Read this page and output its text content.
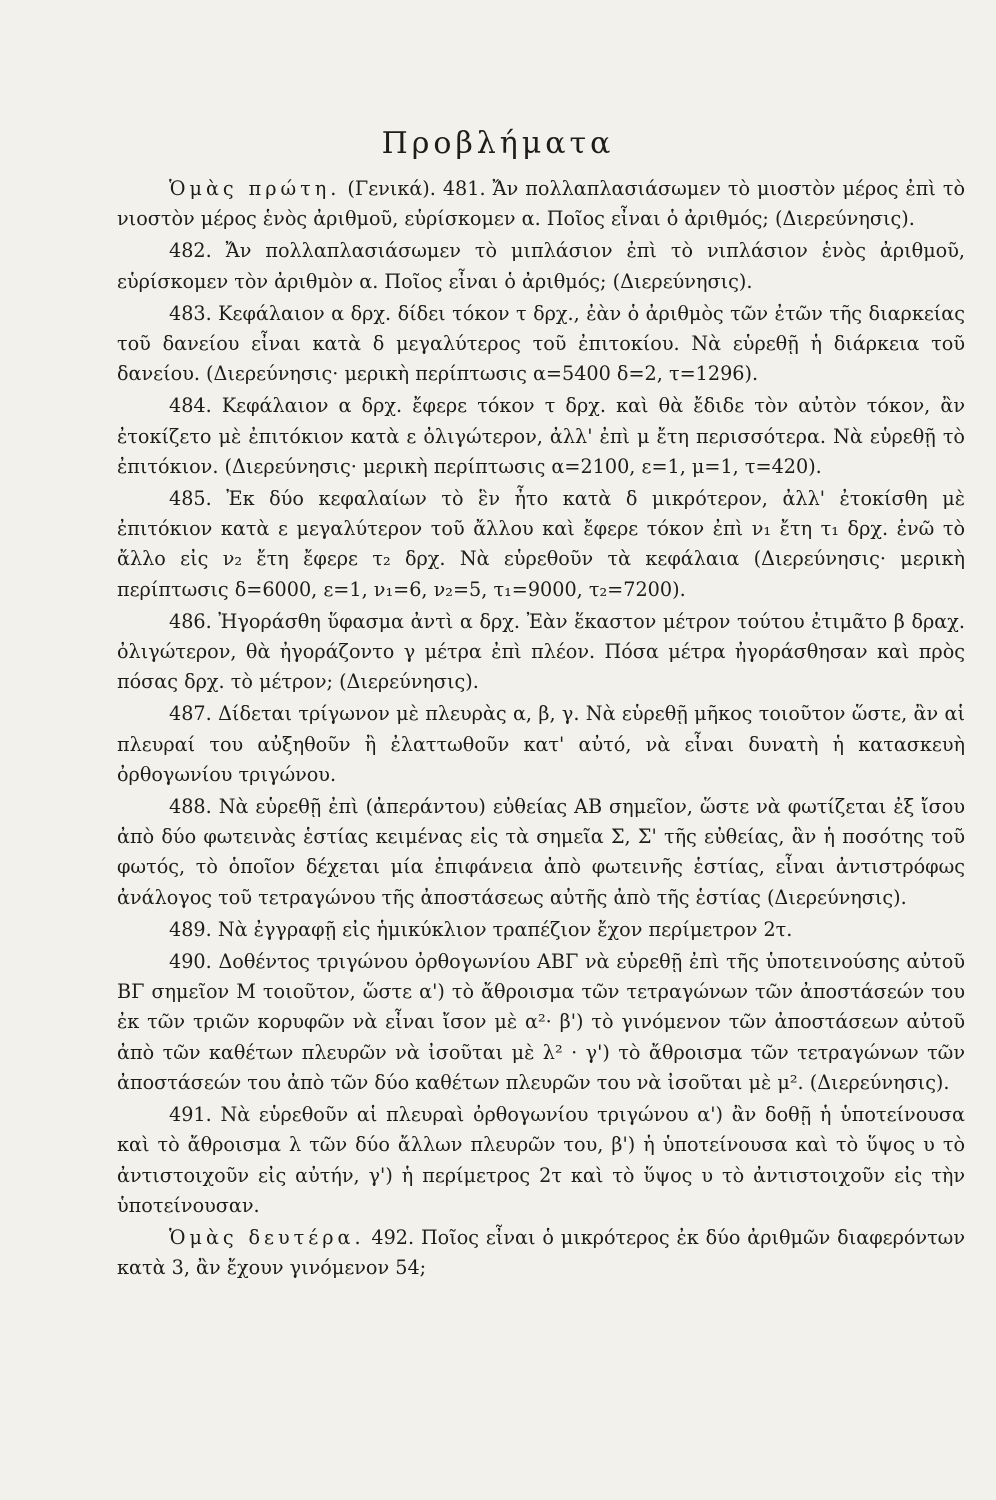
Προβλήματα
Ὁμὰς πρώτη. (Γενικά). 481. Ἄν πολλαπλασιάσωμεν τὸ μιοστὸν μέρος ἐπὶ τὸ νιοστὸν μέρος ἑνὸς ἀριθμοῦ, εὑρίσκομεν α. Ποῖος εἶναι ὁ ἀριθμός; (Διερεύνησις).
482. Ἄν πολλαπλασιάσωμεν τὸ μιπλάσιον ἐπὶ τὸ νιπλάσιον ἑνὸς ἀριθμοῦ, εὑρίσκομεν τὸν ἀριθμὸν α. Ποῖος εἶναι ὁ ἀριθμός; (Διερεύνησις).
483. Κεφάλαιον α δρχ. δίδει τόκον τ δρχ., ἐὰν ὁ ἀριθμὸς τῶν ἐτῶν τῆς διαρκείας τοῦ δανείου εἶναι κατὰ δ μεγαλύτερος τοῦ ἐπιτοκίου. Νὰ εὑρεθῇ ἡ διάρκεια τοῦ δανείου. (Διερεύνησις· μερικὴ περίπτωσις α=5400 δ=2, τ=1296).
484. Κεφάλαιον α δρχ. ἔφερε τόκον τ δρχ. καὶ θὰ ἔδιδε τὸν αὐτὸν τόκον, ἂν ἐτοκίζετο μὲ ἐπιτόκιον κατὰ ε ὀλιγώτερον, ἀλλ' ἐπὶ μ ἔτη περισσότερα. Νὰ εὑρεθῇ τὸ ἐπιτόκιον. (Διερεύνησις· μερικὴ περίπτωσις α=2100, ε=1, μ=1, τ=420).
485. Ἐκ δύο κεφαλαίων τὸ ἓν ἦτο κατὰ δ μικρότερον, ἀλλ' ἐτοκίσθη μὲ ἐπιτόκιον κατὰ ε μεγαλύτερον τοῦ ἄλλου καὶ ἔφερε τόκον ἐπὶ ν₁ ἔτη τ₁ δρχ. ἐνῶ τὸ ἄλλο εἰς ν₂ ἔτη ἔφερε τ₂ δρχ. Νὰ εὑρεθοῦν τὰ κεφάλαια (Διερεύνησις· μερικὴ περίπτωσις δ=6000, ε=1, ν₁=6, ν₂=5, τ₁=9000, τ₂=7200).
486. Ἠγοράσθη ὕφασμα ἀντὶ α δρχ. Ἐὰν ἕκαστον μέτρον τούτου ἐτιμᾶτο β δραχ. ὀλιγώτερον, θὰ ἠγοράζοντο γ μέτρα ἐπὶ πλέον. Πόσα μέτρα ἠγοράσθησαν καὶ πρὸς πόσας δρχ. τὸ μέτρον; (Διερεύνησις).
487. Δίδεται τρίγωνον μὲ πλευρὰς α, β, γ. Νὰ εὑρεθῇ μῆκος τοιοῦτον ὥστε, ἂν αἱ πλευραί του αὐξηθοῦν ἢ ἐλαττωθοῦν κατ' αὐτό, νὰ εἶναι δυνατὴ ἡ κατασκευὴ ὀρθογωνίου τριγώνου.
488. Νὰ εὑρεθῇ ἐπὶ (ἀπεράντου) εὐθείας ΑΒ σημεῖον, ὥστε νὰ φωτίζεται ἐξ ἴσου ἀπὸ δύο φωτεινὰς ἑστίας κειμένας εἰς τὰ σημεῖα Σ, Σ' τῆς εὐθείας, ἂν ἡ ποσότης τοῦ φωτός, τὸ ὁποῖον δέχεται μία ἐπιφάνεια ἀπὸ φωτεινῆς ἑστίας, εἶναι ἀντιστρόφως ἀνάλογος τοῦ τετραγώνου τῆς ἀποστάσεως αὐτῆς ἀπὸ τῆς ἑστίας (Διερεύνησις).
489. Νὰ ἐγγραφῇ εἰς ἡμικύκλιον τραπέζιον ἔχον περίμετρον 2τ.
490. Δοθέντος τριγώνου ὀρθογωνίου ΑΒΓ νὰ εὑρεθῇ ἐπὶ τῆς ὑποτεινούσης αὐτοῦ ΒΓ σημεῖον Μ τοιοῦτον, ὥστε α') τὸ ἄθροισμα τῶν τετραγώνων τῶν ἀποστάσεών του ἐκ τῶν τριῶν κορυφῶν νὰ εἶναι ἴσον μὲ α²· β') τὸ γινόμενον τῶν ἀποστάσεων αὐτοῦ ἀπὸ τῶν καθέτων πλευρῶν νὰ ἰσοῦται μὲ λ² · γ') τὸ ἄθροισμα τῶν τετραγώνων τῶν ἀποστάσεών του ἀπὸ τῶν δύο καθέτων πλευρῶν του νὰ ἰσοῦται μὲ μ². (Διερεύνησις).
491. Νὰ εὑρεθοῦν αἱ πλευραὶ ὀρθογωνίου τριγώνου α') ἂν δοθῇ ἡ ὑποτείνουσα καὶ τὸ ἄθροισμα λ τῶν δύο ἄλλων πλευρῶν του, β') ἡ ὑποτείνουσα καὶ τὸ ὕψος υ τὸ ἀντιστοιχοῦν εἰς αὐτήν, γ') ἡ περίμετρος 2τ καὶ τὸ ὕψος υ τὸ ἀντιστοιχοῦν εἰς τὴν ὑποτείνουσαν.
Ὁμὰς δευτέρα. 492. Ποῖος εἶναι ὁ μικρότερος ἐκ δύο ἀριθμῶν διαφερόντων κατὰ 3, ἂν ἔχουν γινόμενον 54;
